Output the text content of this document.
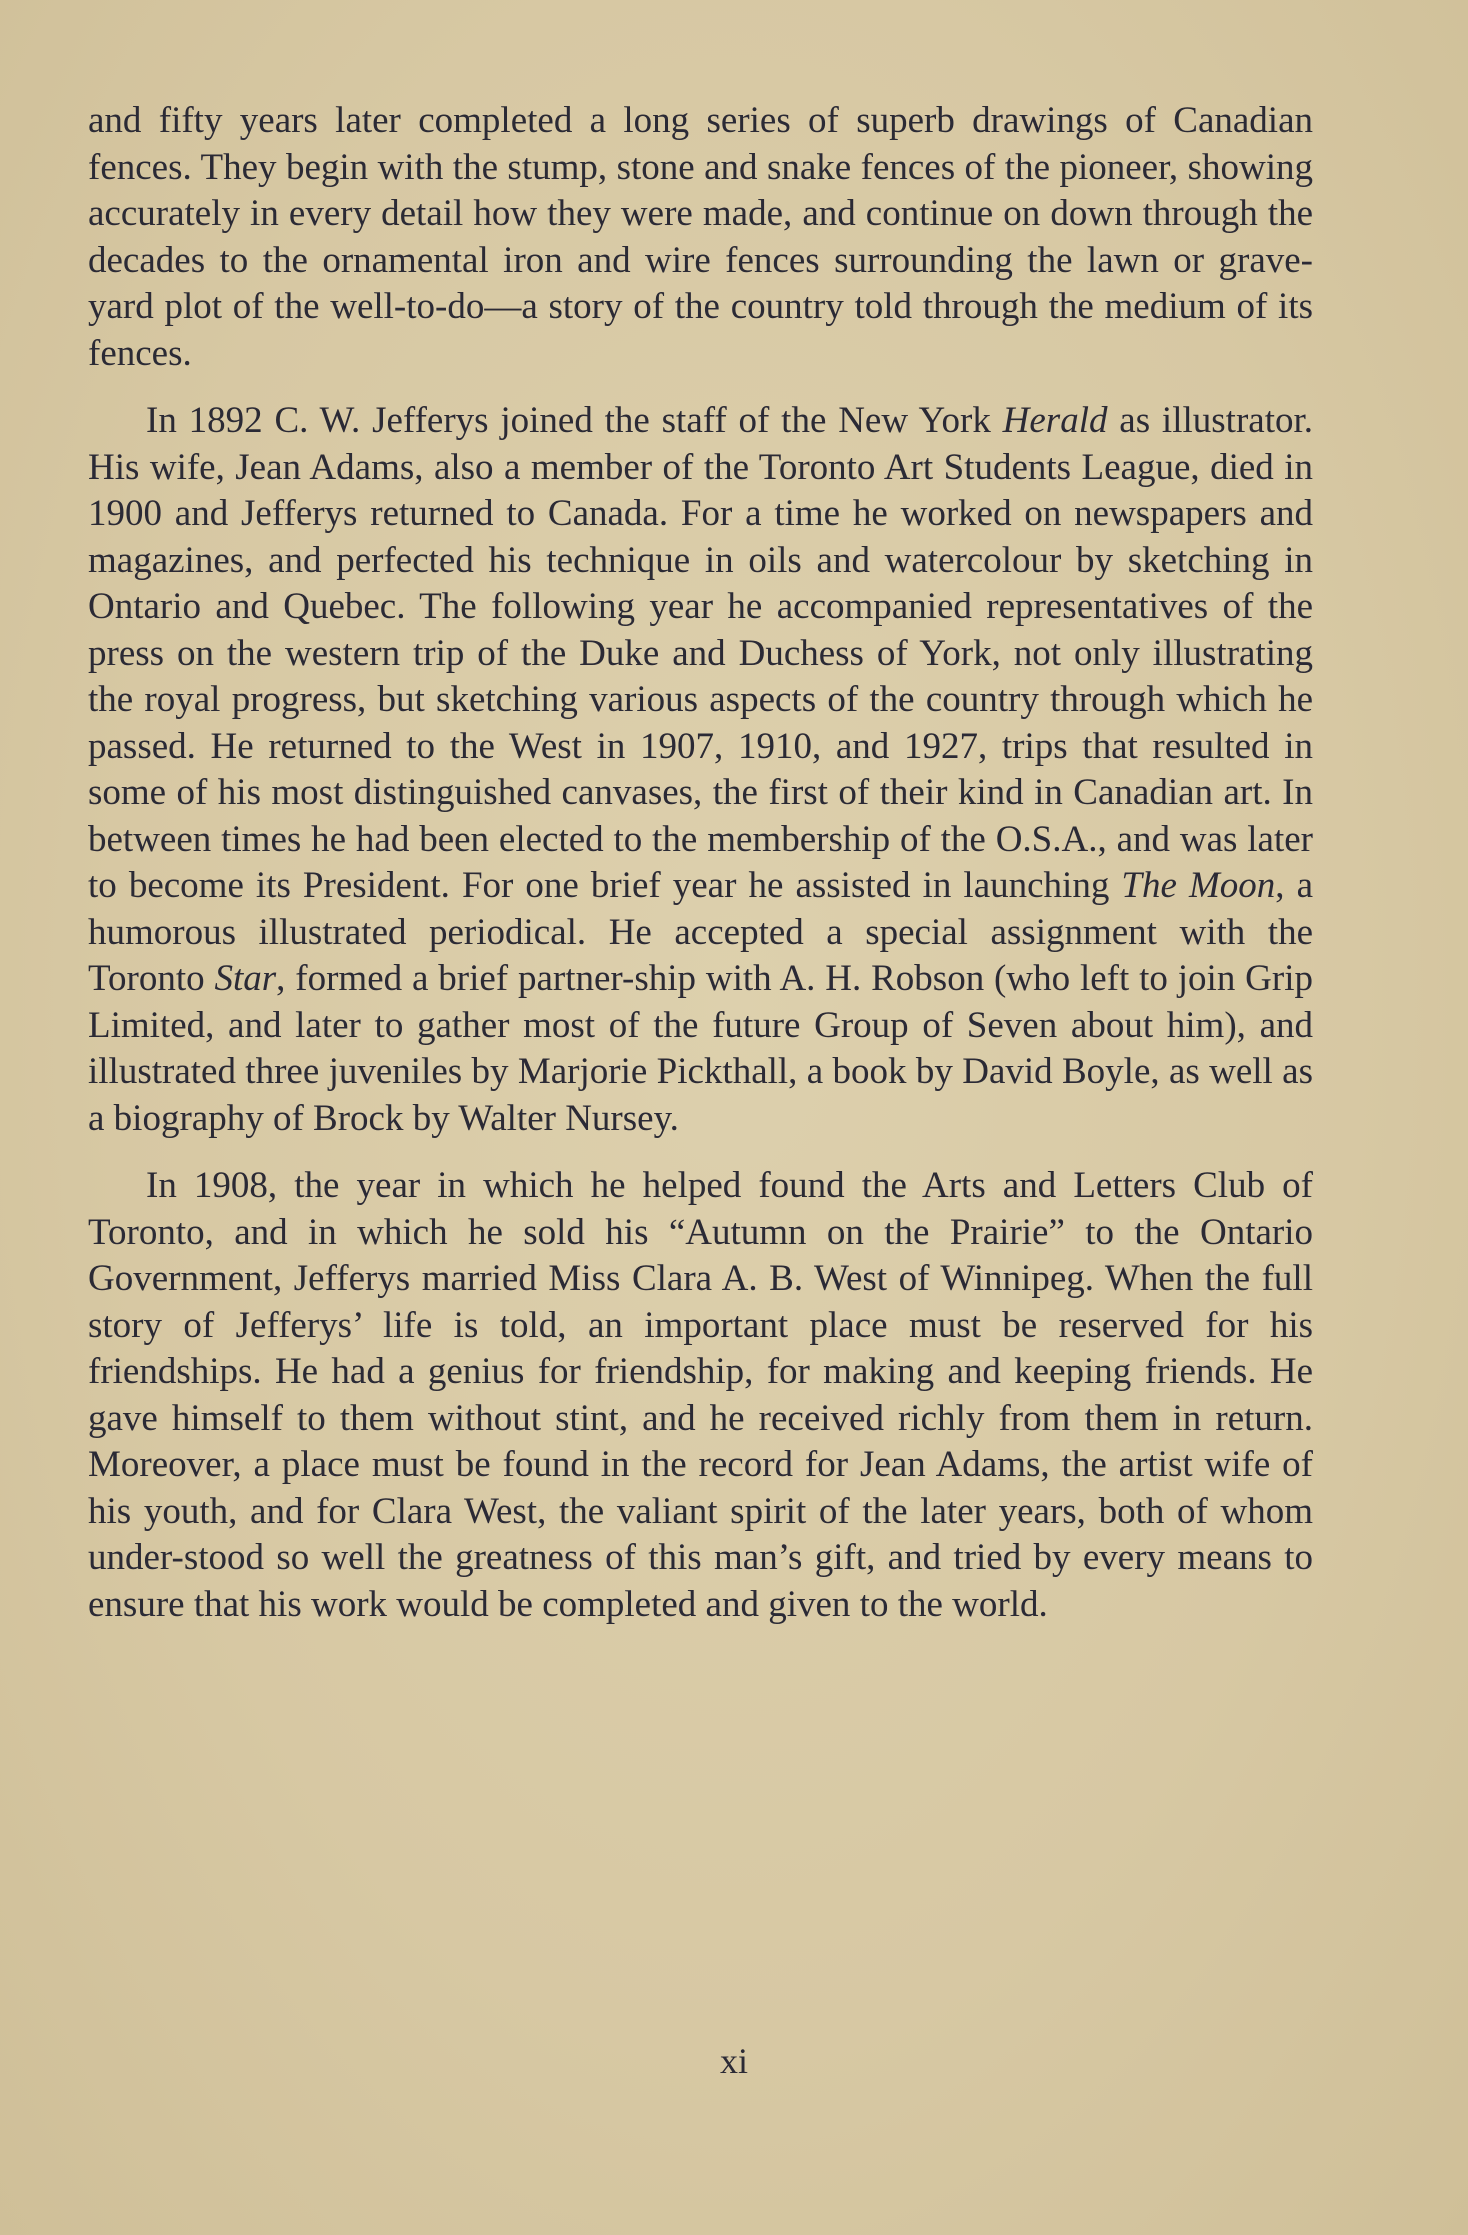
and fifty years later completed a long series of superb drawings of Canadian fences. They begin with the stump, stone and snake fences of the pioneer, showing accurately in every detail how they were made, and continue on down through the decades to the ornamental iron and wire fences surrounding the lawn or grave-yard plot of the well-to-do—a story of the country told through the medium of its fences.

In 1892 C. W. Jefferys joined the staff of the New York Herald as illustrator. His wife, Jean Adams, also a member of the Toronto Art Students League, died in 1900 and Jefferys returned to Canada. For a time he worked on newspapers and magazines, and perfected his technique in oils and watercolour by sketching in Ontario and Quebec. The following year he accompanied representatives of the press on the western trip of the Duke and Duchess of York, not only illustrating the royal progress, but sketching various aspects of the country through which he passed. He returned to the West in 1907, 1910, and 1927, trips that resulted in some of his most distinguished canvases, the first of their kind in Canadian art. In between times he had been elected to the membership of the O.S.A., and was later to become its President. For one brief year he assisted in launching The Moon, a humorous illustrated periodical. He accepted a special assignment with the Toronto Star, formed a brief partner-ship with A. H. Robson (who left to join Grip Limited, and later to gather most of the future Group of Seven about him), and illustrated three juveniles by Marjorie Pickthall, a book by David Boyle, as well as a biography of Brock by Walter Nursey.

In 1908, the year in which he helped found the Arts and Letters Club of Toronto, and in which he sold his “Autumn on the Prairie” to the Ontario Government, Jefferys married Miss Clara A. B. West of Winnipeg. When the full story of Jefferys’ life is told, an important place must be reserved for his friendships. He had a genius for friendship, for making and keeping friends. He gave himself to them without stint, and he received richly from them in return. Moreover, a place must be found in the record for Jean Adams, the artist wife of his youth, and for Clara West, the valiant spirit of the later years, both of whom under-stood so well the greatness of this man’s gift, and tried by every means to ensure that his work would be completed and given to the world.

xi
